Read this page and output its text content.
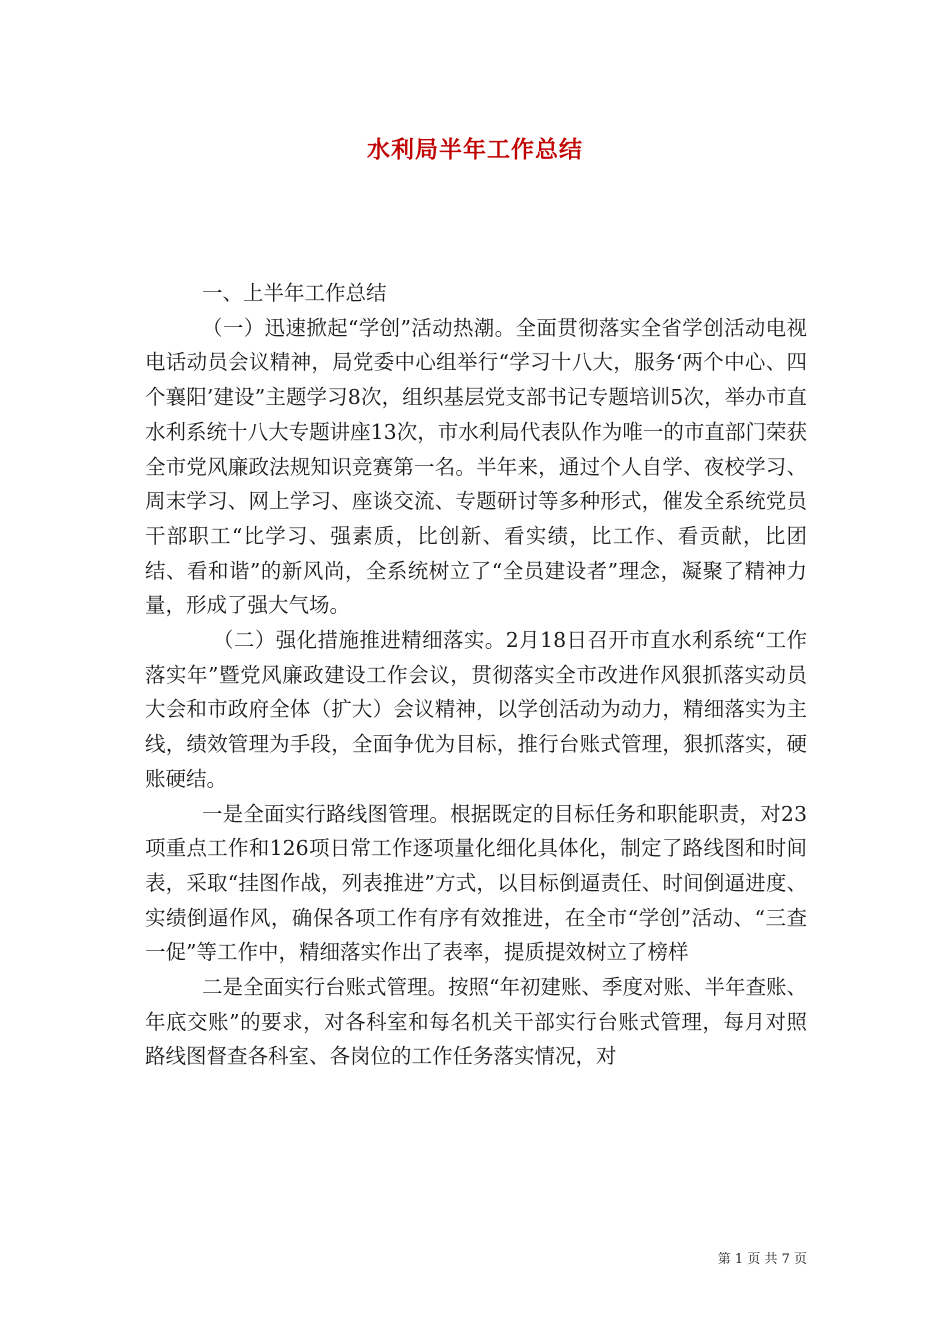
水利局半年工作总结

一、上半年工作总结

（一）迅速掀起“学创”活动热潮。全面贯彻落实全省学创活动电视电话动员会议精神，局党委中心组举行“学习十八大，服务‘两个中心、四个襄阳’建设”主题学习8次，组织基层党支部书记专题培训5次，举办市直水利系统十八大专题讲座13次，市水利局代表队作为唯一的市直部门荣获全市党风廉政法规知识竞赛第一名。半年来，通过个人自学、夜校学习、周末学习、网上学习、座谈交流、专题研讨等多种形式，催发全系统党员干部职工“比学习、强素质，比创新、看实绩，比工作、看贡献，比团结、看和谐”的新风尚，全系统树立了“全员建设者”理念，凝聚了精神力量，形成了强大气场。

（二）强化措施推进精细落实。2月18日召开市直水利系统“工作落实年”暨党风廉政建设工作会议，贯彻落实全市改进作风狠抓落实动员大会和市政府全体（扩大）会议精神，以学创活动为动力，精细落实为主线，绩效管理为手段，全面争优为目标，推行台账式管理，狠抓落实，硬账硬结。

一是全面实行路线图管理。根据既定的目标任务和职能职责，对23项重点工作和126项日常工作逐项量化细化具体化，制定了路线图和时间表，采取“挂图作战，列表推进”方式，以目标倒逼责任、时间倒逼进度、实绩倒逼作风，确保各项工作有序有效推进，在全市“学创”活动、“三查一促”等工作中，精细落实作出了表率，提质提效树立了榜样

二是全面实行台账式管理。按照“年初建账、季度对账、半年查账、年底交账”的要求，对各科室和每名机关干部实行台账式管理，每月对照路线图督查各科室、各岗位的工作任务落实情况，对

第 1 页 共 7 页
